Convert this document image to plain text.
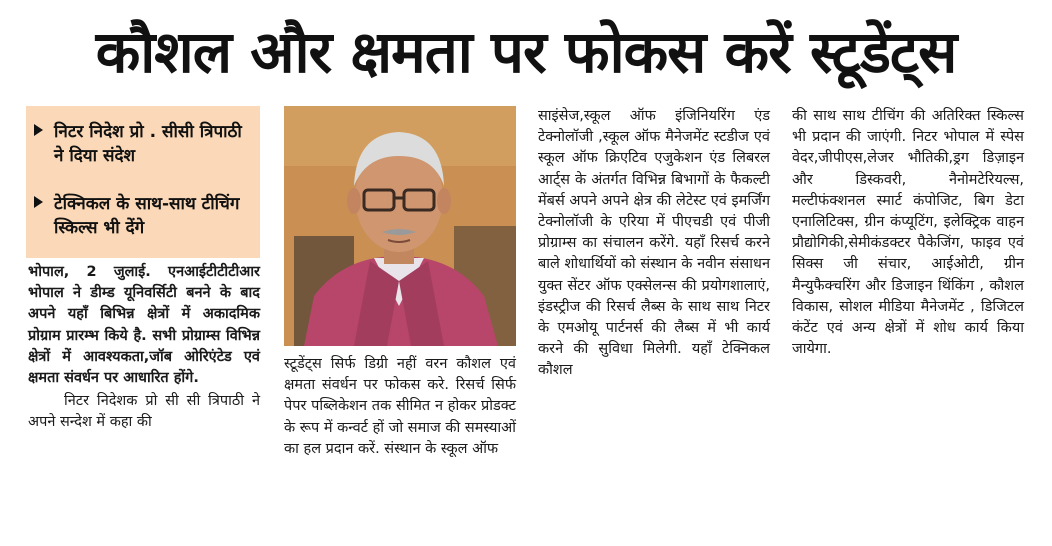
कौशल और क्षमता पर फोकस करें स्टूडेंट्स
निटर निदेश प्रो . सीसी त्रिपाठी ने दिया संदेश
टेक्निकल के साथ-साथ टीचिंग स्किल्स भी देंगे

भोपाल, 2 जुलाई. एनआईटीटीटीआर भोपाल ने डीम्ड यूनिवर्सिटी बनने के बाद अपने यहाँ बिभिन्न क्षेत्रों में अकादमिक प्रोग्राम प्रारम्भ किये है. सभी प्रोग्राम्स विभिन्न क्षेत्रों में आवश्यकता,जॉब ओरिएंटेड एवं क्षमता संवर्धन पर आधारित होंगे.

निटर निदेशक प्रो सी सी त्रिपाठी ने अपने सन्देश में कहा की

स्टूडेंट्स सिर्फ डिग्री नहीं वरन कौशल एवं क्षमता संवर्धन पर फोकस करे. रिसर्च सिर्फ पेपर पब्लिकेशन तक सीमित न होकर प्रोडक्ट के रूप में कन्वर्ट हों जो समाज की समस्याओं का हल प्रदान करें. संस्थान के स्कूल ऑफ

साइंसेज,स्कूल ऑफ इंजिनियरिंग एंड टेक्नोलॉजी ,स्कूल ऑफ मैनेजमेंट स्टडीज एवं स्कूल ऑफ क्रिएटिव एजुकेशन एंड लिबरल आर्ट्स के अंतर्गत विभिन्न बिभागों के फैकल्टी मेंबर्स अपने अपने क्षेत्र की लेटेस्ट एवं इमर्जिंग टेक्नोलॉजी के एरिया में पीएचडी एवं पीजी प्रोग्राम्स का संचालन करेंगे. यहाँ रिसर्च करने बाले शोधार्थियों को संस्थान के नवीन संसाधन युक्त सेंटर ऑफ एक्सेलन्स की प्रयोगशालाएं, इंडस्ट्रीज की रिसर्च लैब्स के साथ साथ निटर के एमओयू पार्टनर्स की लैब्स में भी कार्य करने की सुविधा मिलेगी. यहाँ टेक्निकल कौशल

की साथ साथ टीचिंग की अतिरिक्त स्किल्स भी प्रदान की जाएंगी. निटर भोपाल में स्पेस वेदर,जीपीएस,लेजर भौतिकी,ड्रग डिज़ाइन और डिस्कवरी, नैनोमटेरियल्स, मल्टीफंक्शनल स्मार्ट कंपोजिट, बिग डेटा एनालिटिक्स, ग्रीन कंप्यूटिंग, इलेक्ट्रिक वाहन प्रौद्योगिकी,सेमीकंडक्टर पैकेजिंग, फाइव एवं सिक्स जी संचार, आईओटी, ग्रीन मैन्युफैक्चरिंग और डिजाइन थिंकिंग , कौशल विकास, सोशल मीडिया मैनेजमेंट , डिजिटल कंटेंट एवं अन्य क्षेत्रों में शोध कार्य किया जायेगा.
